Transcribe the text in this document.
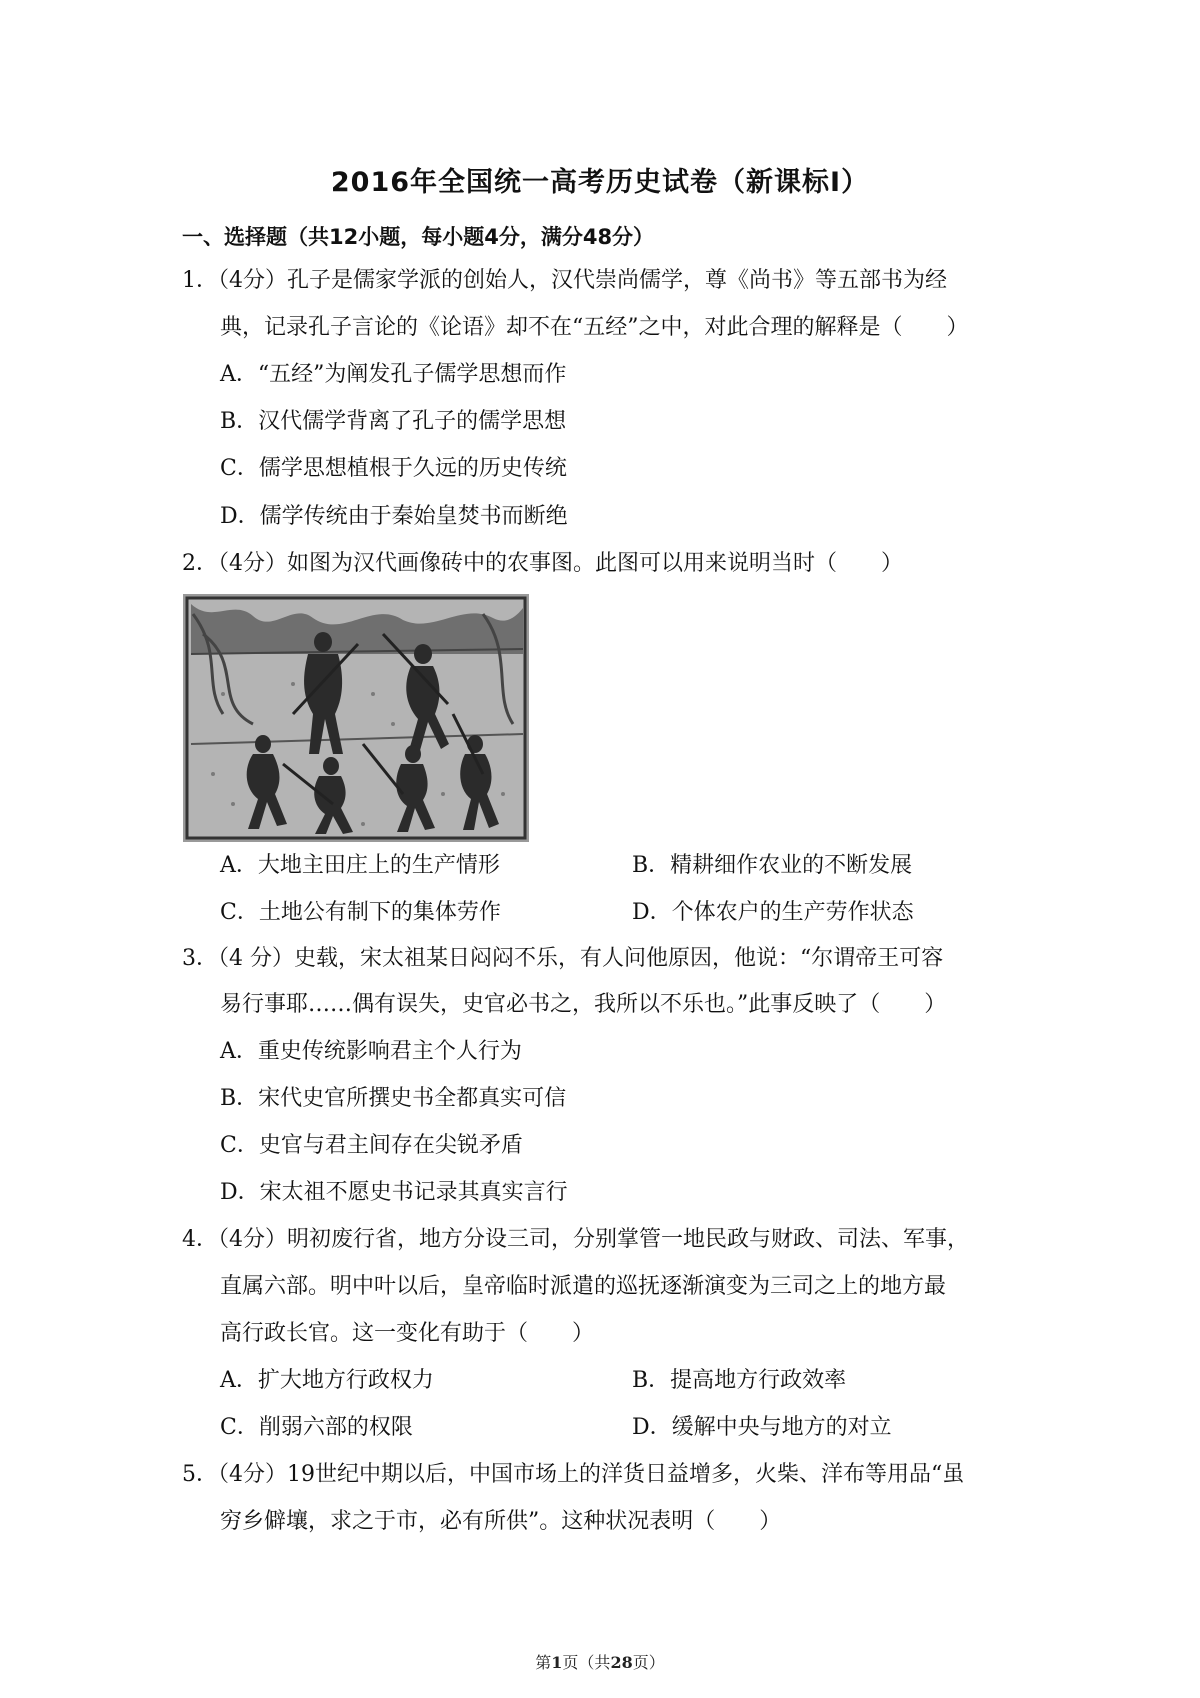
2016年全国统一高考历史试卷（新课标Ⅰ）
一、选择题（共12小题，每小题4分，满分48分）
1．（4分）孔子是儒家学派的创始人，汉代崇尚儒学，尊《尚书》等五部书为经
典，记录孔子言论的《论语》却不在“五经”之中，对此合理的解释是（　　）
A．“五经”为阐发孔子儒学思想而作
B．汉代儒学背离了孔子的儒学思想
C．儒学思想植根于久远的历史传统
D．儒学传统由于秦始皇焚书而断绝
2．（4分）如图为汉代画像砖中的农事图。此图可以用来说明当时（　　）
A．大地主田庄上的生产情形	B．精耕细作农业的不断发展
C．土地公有制下的集体劳作	D．个体农户的生产劳作状态
3．（4 分）史载，宋太祖某日闷闷不乐，有人问他原因，他说：“尔谓帝王可容
易行事耶……偶有误失，史官必书之，我所以不乐也。”此事反映了（　　）
A．重史传统影响君主个人行为
B．宋代史官所撰史书全都真实可信
C．史官与君主间存在尖锐矛盾
D．宋太祖不愿史书记录其真实言行
4．（4分）明初废行省，地方分设三司，分别掌管一地民政与财政、司法、军事，
直属六部。明中叶以后，皇帝临时派遣的巡抚逐渐演变为三司之上的地方最
高行政长官。这一变化有助于（　　）
A．扩大地方行政权力	B．提高地方行政效率
C．削弱六部的权限	D．缓解中央与地方的对立
5．（4分）19世纪中期以后，中国市场上的洋货日益增多，火柴、洋布等用品“虽
穷乡僻壤，求之于市，必有所供”。这种状况表明（　　）
第1页（共28页）
